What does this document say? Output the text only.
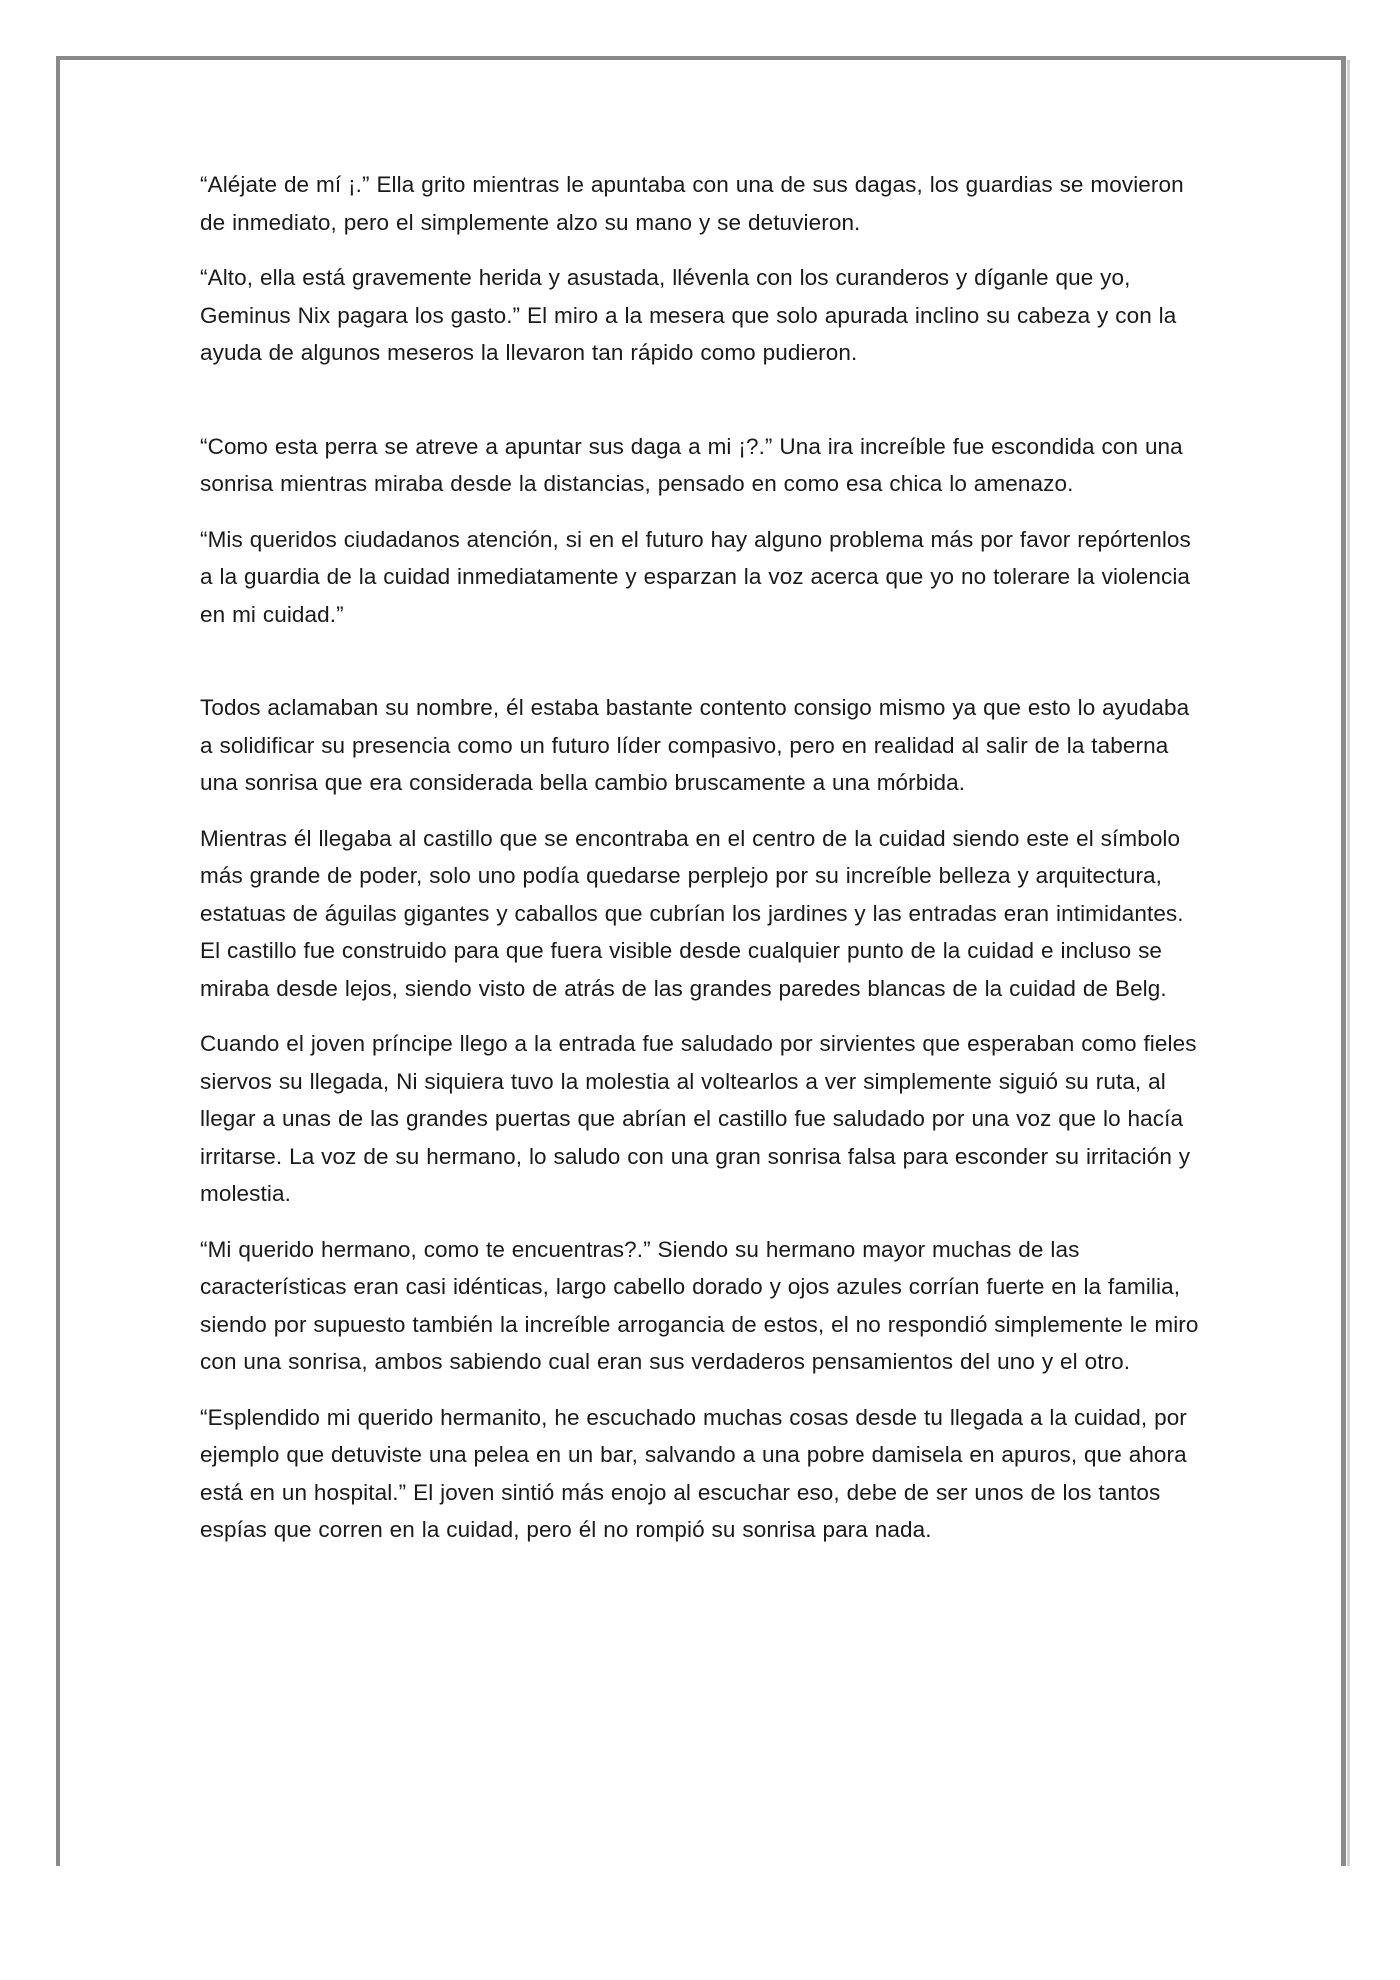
“Aléjate de mí ¡.” Ella grito mientras le apuntaba con una de sus dagas, los guardias se movieron de inmediato, pero el simplemente alzo su mano y se detuvieron.

“Alto, ella está gravemente herida y asustada, llévenla con los curanderos y díganle que yo, Geminus Nix pagara los gasto.” El miro a la mesera que solo apurada inclino su cabeza y con la ayuda de algunos meseros la llevaron tan rápido como pudieron.

“Como esta perra se atreve a apuntar sus daga a mi ¡?.” Una ira increíble fue escondida con una sonrisa mientras miraba desde la distancias, pensado en como esa chica lo amenazo.

“Mis queridos ciudadanos atención, si en el futuro hay alguno problema más por favor repórtenlos a la guardia de la cuidad inmediatamente y esparzan la voz acerca que yo no tolerare la violencia en mi cuidad.”

Todos aclamaban su nombre, él estaba bastante contento consigo mismo ya que esto lo ayudaba a solidificar su presencia como un futuro líder compasivo, pero en realidad al salir de la taberna una sonrisa que era considerada bella cambio bruscamente a una mórbida.

Mientras él llegaba al castillo que se encontraba en el centro de la cuidad siendo este el símbolo más grande de poder, solo uno podía quedarse perplejo por su increíble belleza y arquitectura, estatuas de águilas gigantes y caballos que cubrían los jardines y las entradas eran intimidantes. El castillo fue construido para que fuera visible desde cualquier punto de la cuidad e incluso se miraba desde lejos, siendo visto de atrás de las grandes paredes blancas de la cuidad de Belg.

Cuando el joven príncipe llego a la entrada fue saludado por sirvientes que esperaban como fieles siervos su llegada, Ni siquiera tuvo la molestia al voltearlos a ver simplemente siguió su ruta, al llegar a unas de las grandes puertas que abrían el castillo fue saludado por una voz que lo hacía irritarse. La voz de su hermano, lo saludo con una gran sonrisa falsa para esconder su irritación y molestia.

“Mi querido hermano, como te encuentras?.” Siendo su hermano mayor muchas de las características eran casi idénticas, largo cabello dorado y ojos azules corrían fuerte en la familia, siendo por supuesto también la increíble arrogancia de estos, el no respondió simplemente le miro con una sonrisa, ambos sabiendo cual eran sus verdaderos pensamientos del uno y el otro.

“Esplendido mi querido hermanito, he escuchado muchas cosas desde tu llegada a la cuidad, por ejemplo que detuviste una pelea en un bar, salvando a una pobre damisela en apuros, que ahora está en un hospital.” El joven sintió más enojo al escuchar eso, debe de ser unos de los tantos espías que corren en la cuidad, pero él no rompió su sonrisa para nada.
